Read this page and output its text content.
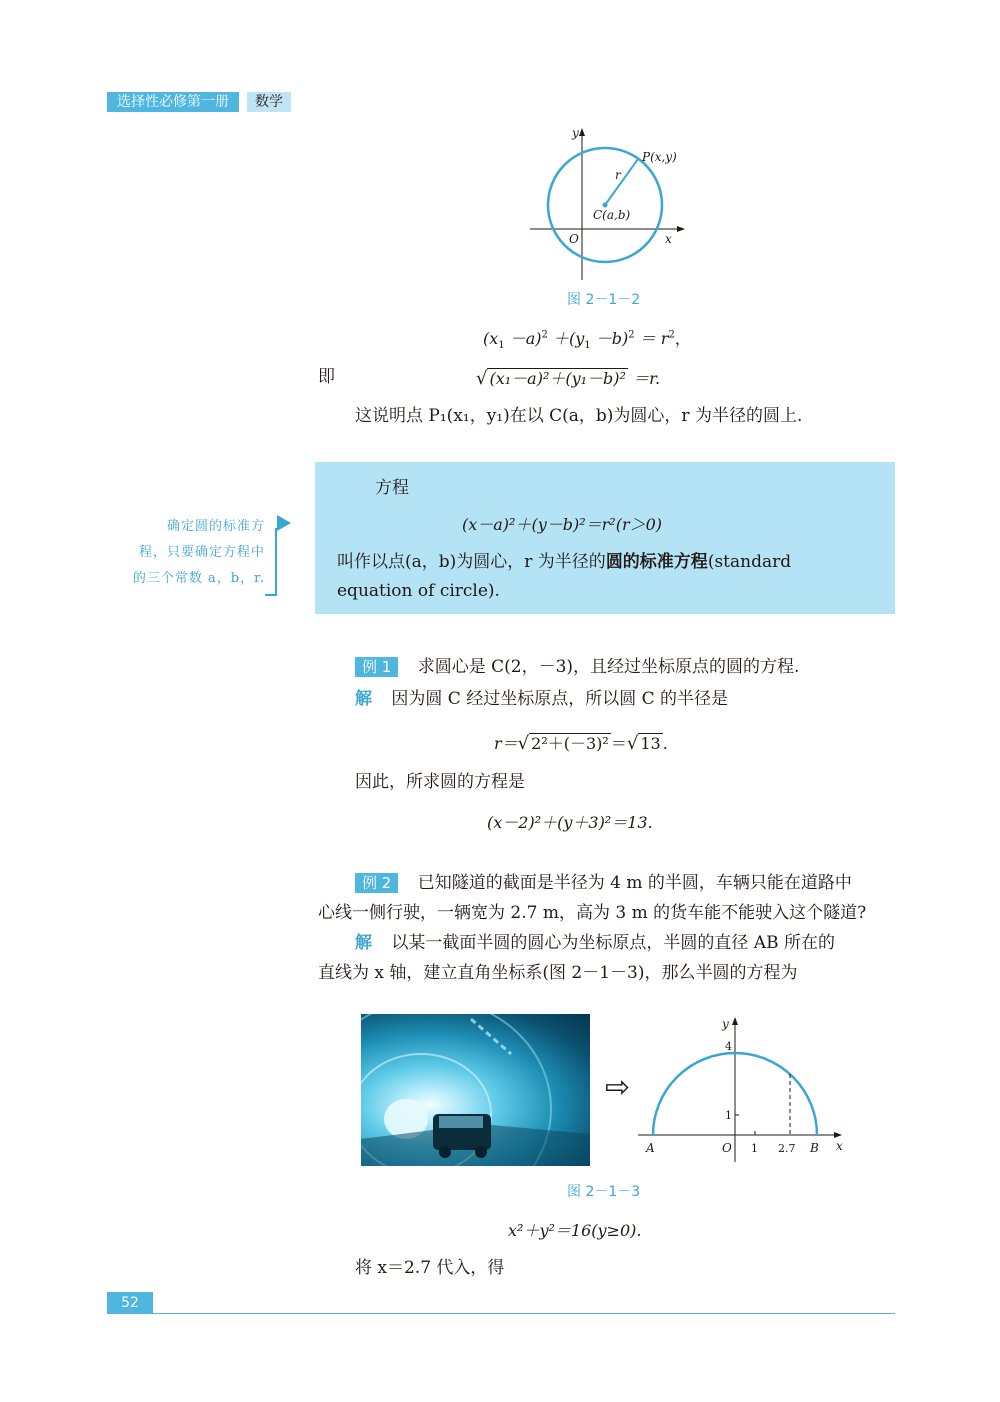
选择性必修第一册	数学
y
x
O
P(x,y)
r
C(a,b)
图 2－1－2
$(x_1 -a)^2 +(y_1 -b)^2 = r^2$，
即	√ (x₁－a)²＋(y₁－b)² ＝r.
这说明点 P₁(x₁，y₁)在以 C(a，b)为圆心，r 为半径的圆上.
方程
(x－a)²＋(y－b)²＝r²(r＞0)
叫作以点(a，b)为圆心，r 为半径的圆的标准方程(standard
equation of circle).
确定圆的标准方
程，只要确定方程中
的三个常数 a，b，r.
例 1 求圆心是 C(2，－3)，且经过坐标原点的圆的方程.
解 因为圆 C 经过坐标原点，所以圆 C 的半径是
r＝√ 2²＋(－3)² ＝√ 13 .
因此，所求圆的方程是
(x－2)²＋(y＋3)²＝13.
例 2 已知隧道的截面是半径为 4 m 的半圆，车辆只能在道路中
心线一侧行驶，一辆宽为 2.7 m，高为 3 m 的货车能不能驶入这个隧道?
解 以某一截面半圆的圆心为坐标原点，半圆的直径 AB 所在的
直线为 x 轴，建立直角坐标系(图 2－1－3)，那么半圆的方程为
⇨
A	B
O 1 2.7	x
y
1
4
图 2－1－3
x²＋y²＝16(y≥0).
将 x＝2.7 代入，得
52
